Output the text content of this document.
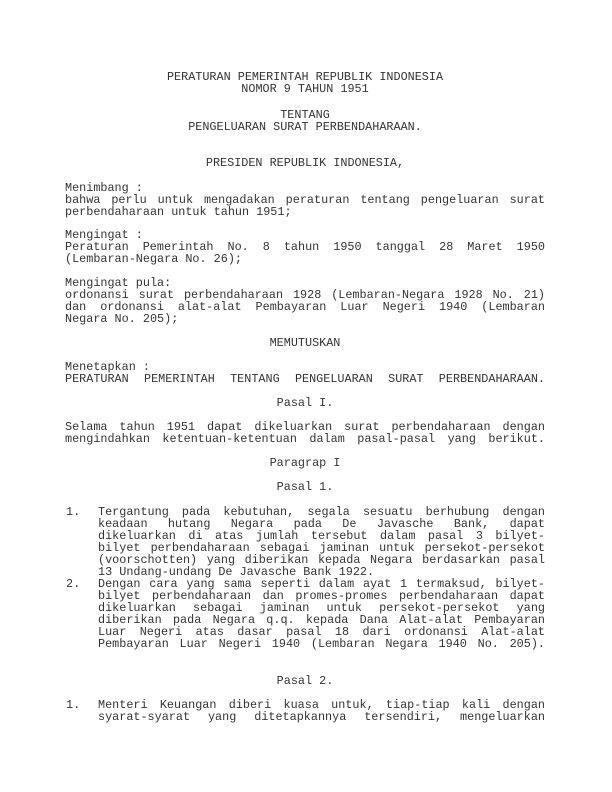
PERATURAN PEMERINTAH REPUBLIK INDONESIA
NOMOR 9 TAHUN 1951
TENTANG
PENGELUARAN SURAT PERBENDAHARAAN.
PRESIDEN REPUBLIK INDONESIA,
Menimbang :
bahwa perlu untuk mengadakan peraturan tentang pengeluaran surat
perbendaharaan untuk tahun 1951;
Mengingat :
Peraturan Pemerintah No. 8 tahun 1950 tanggal 28 Maret 1950
(Lembaran-Negara No. 26);
Mengingat pula:
ordonansi surat perbendaharaan 1928 (Lembaran-Negara 1928 No. 21)
dan ordonansi alat-alat Pembayaran Luar Negeri 1940 (Lembaran
Negara No. 205);
MEMUTUSKAN
Menetapkan :
PERATURAN PEMERINTAH TENTANG PENGELUARAN SURAT PERBENDAHARAAN.
Pasal I.
Selama tahun 1951 dapat dikeluarkan surat perbendaharaan dengan
mengindahkan ketentuan-ketentuan dalam pasal-pasal yang berikut.
Paragrap I
Pasal 1.
1. Tergantung pada kebutuhan, segala sesuatu berhubung dengan
keadaan hutang Negara pada De Javasche Bank, dapat
dikeluarkan di atas jumlah tersebut dalam pasal 3 bilyet-
bilyet perbendaharaan sebagai jaminan untuk persekot-persekot
(voorschotten) yang diberikan kepada Negara berdasarkan pasal
13 Undang-undang De Javasche Bank 1922.
2. Dengan cara yang sama seperti dalam ayat 1 termaksud, bilyet-
bilyet perbendaharaan dan promes-promes perbendaharaan dapat
dikeluarkan sebagai jaminan untuk persekot-persekot yang
diberikan pada Negara q.q. kepada Dana Alat-alat Pembayaran
Luar Negeri atas dasar pasal 18 dari ordonansi Alat-alat
Pembayaran Luar Negeri 1940 (Lembaran Negara 1940 No. 205).
Pasal 2.
1. Menteri Keuangan diberi kuasa untuk, tiap-tiap kali dengan
syarat-syarat yang ditetapkannya tersendiri, mengeluarkan
